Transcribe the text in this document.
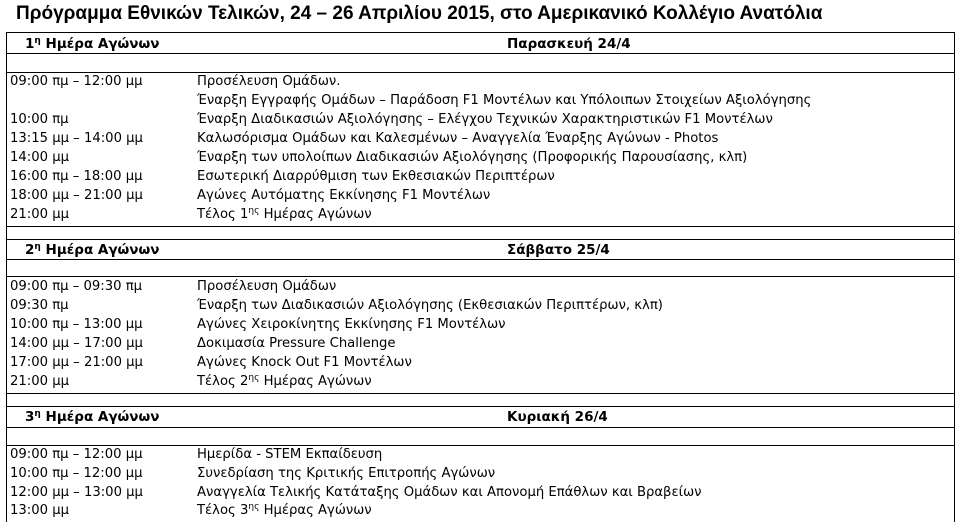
Πρόγραμμα Εθνικών Τελικών, 24 – 26 Απριλίου 2015, στο Αμερικανικό Κολλέγιο Ανατόλια
$1^\eta$ Ημέρα Αγώνων	Παρασκευή 24/4
09:00 πμ – 12:00 μμ	Προσέλευση Ομάδων.
Έναρξη Εγγραφής Ομάδων – Παράδοση F1 Μοντέλων και Υπόλοιπων Στοιχείων Αξιολόγησης
10:00 πμ	Έναρξη Διαδικασιών Αξιολόγησης – Ελέγχου Τεχνικών Χαρακτηριστικών F1 Μοντέλων
13:15 μμ – 14:00 μμ	Καλωσόρισμα Ομάδων και Καλεσμένων – Αναγγελία Έναρξης Αγώνων - Photos
14:00 μμ	Έναρξη των υπολοίπων Διαδικασιών Αξιολόγησης (Προφορικής Παρουσίασης, κλπ)
16:00 πμ – 18:00 μμ	Εσωτερική Διαρρύθμιση των Εκθεσιακών Περιπτέρων
18:00 μμ – 21:00 μμ	Αγώνες Αυτόματης Εκκίνησης F1 Μοντέλων
21:00 μμ	Τέλος $1^{\eta\varsigma}$ Ημέρας Αγώνων
$2^\eta$ Ημέρα Αγώνων	Σάββατο 25/4
09:00 πμ – 09:30 πμ	Προσέλευση Ομάδων
09:30 πμ	Έναρξη των Διαδικασιών Αξιολόγησης (Εκθεσιακών Περιπτέρων, κλπ)
10:00 πμ – 13:00 μμ	Αγώνες Χειροκίνητης Εκκίνησης F1 Μοντέλων
14:00 μμ – 17:00 μμ	Δοκιμασία Pressure Challenge
17:00 μμ – 21:00 μμ	Αγώνες Knock Out F1 Μοντέλων
21:00 μμ	Τέλος $2^{\eta\varsigma}$ Ημέρας Αγώνων
$3^\eta$ Ημέρα Αγώνων	Κυριακή 26/4
09:00 πμ – 12:00 μμ	Ημερίδα - STEM Εκπαίδευση
10:00 πμ – 12:00 μμ	Συνεδρίαση της Κριτικής Επιτροπής Αγώνων
12:00 μμ – 13:00 μμ	Αναγγελία Τελικής Κατάταξης Ομάδων και Απονομή Επάθλων και Βραβείων
13:00 μμ	Τέλος $3^{\eta\varsigma}$ Ημέρας Αγώνων
